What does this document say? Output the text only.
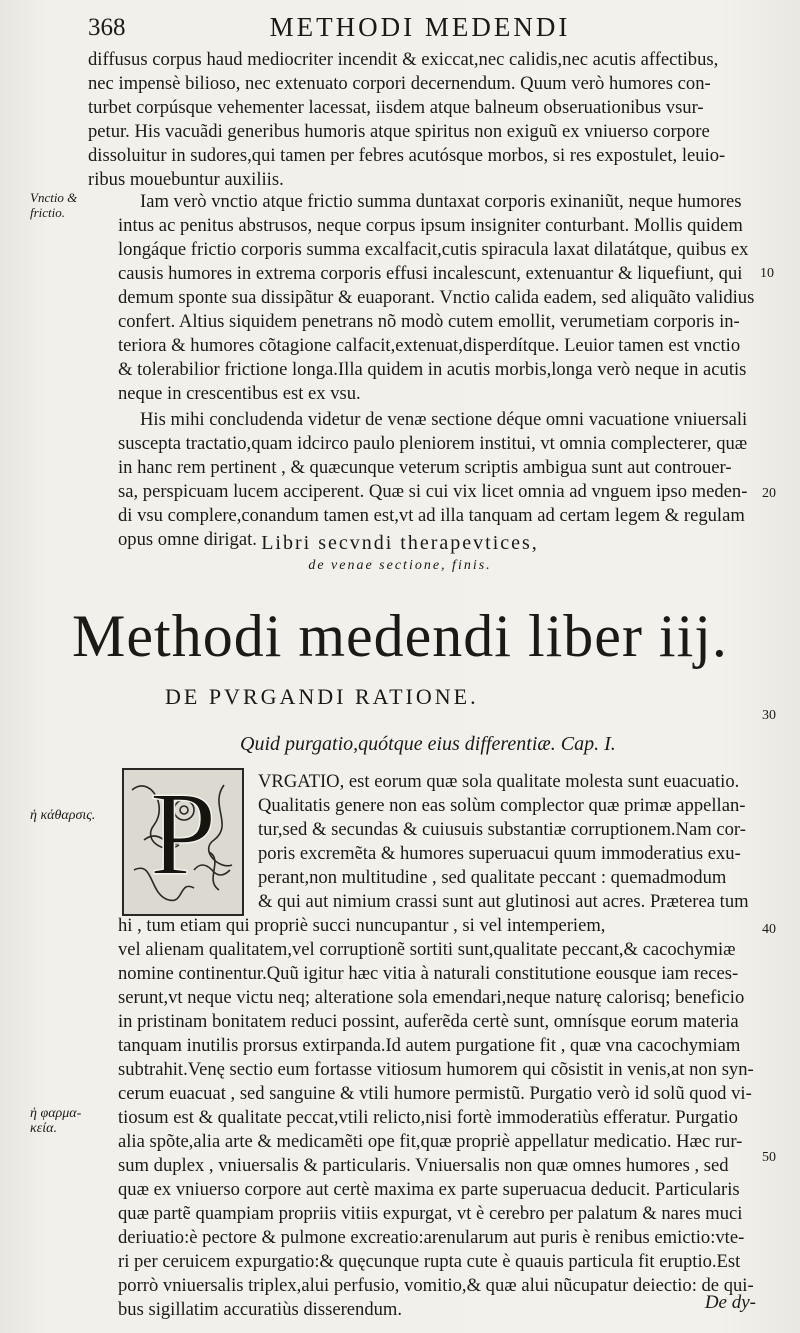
368	METHODI MEDENDI
diffusus corpus haud mediocriter incendit & exiccat,nec calidis,nec acutis affectibus,
nec impensè bilioso, nec extenuato corpori decernendum. Quum verò humores con-
turbet corpúsque vehementer lacessat, iisdem atque balneum obseruationibus vsur-
petur. His vacuãdi generibus humoris atque spiritus non exiguũ ex vniuerso corpore
dissoluitur in sudores,qui tamen per febres acutósque morbos, si res expostulet, leuio-
ribus mouebuntur auxiliis.
Vnctio &
frictio.
Iam verò vnctio atque frictio summa duntaxat corporis exinaniũt, neque humores
intus ac penitus abstrusos, neque corpus ipsum insigniter conturbant. Mollis quidem
longáque frictio corporis summa excalfacit,cutis spiracula laxat dilatátque, quibus ex
causis humores in extrema corporis effusi incalescunt, extenuantur & liquefiunt, qui
demum sponte sua dissipãtur & euaporant. Vnctio calida eadem, sed aliquãto validius
confert. Altius siquidem penetrans nõ modò cutem emollit, verumetiam corporis in-
teriora & humores cõtagione calfacit,extenuat,disperdítque. Leuior tamen est vnctio
& tolerabilior frictione longa.Illa quidem in acutis morbis,longa verò neque in acutis
neque in crescentibus est ex vsu.
10
His mihi concludenda videtur de venæ sectione déque omni vacuatione vniuersali
suscepta tractatio,quam idcirco paulo pleniorem institui, vt omnia complecterer, quæ
in hanc rem pertinent , & quæcunque veterum scriptis ambigua sunt aut controuer-
sa, perspicuam lucem acciperent. Quæ si cui vix licet omnia ad vnguem ipso meden-
di vsu complere,conandum tamen est,vt ad illa tanquam ad certam legem & regulam
opus omne dirigat.
20
Libri secvndi therapevtices,
de venae sectione, finis.
Methodi medendi liber iij.
DE PVRGANDI RATIONE.
30
Quid purgatio,quótque eius differentiæ. Cap. I.
ἡ κάθαρσις. P VRGATIO, est eorum quæ sola qualitate molesta sunt euacuatio.
Qualitatis genere non eas solùm complector quæ primæ appellan-
tur,sed & secundas & cuiusuis substantiæ corruptionem.Nam cor-
poris excremẽta & humores superuacui quum immoderatius exu-
perant,non multitudine , sed qualitate peccant : quemadmodum
& qui aut nimium crassi sunt aut glutinosi aut acres. Præterea tum
hi , tum etiam qui propriè succi nuncupantur , si vel intemperiem,
vel alienam qualitatem,vel corruptionẽ sortiti sunt,qualitate peccant,& cacochymiæ
nomine continentur.Quũ igitur hæc vitia à naturali constitutione eousque iam reces-
serunt,vt neque victu neq; alteratione sola emendari,neque naturę calorisq; beneficio
in pristinam bonitatem reduci possint, auferẽda certè sunt, omnísque eorum materia
tanquam inutilis prorsus extirpanda.Id autem purgatione fit , quæ vna cacochymiam
subtrahit.Venę sectio eum fortasse vitiosum humorem qui cõsistit in venis,at non syn-
cerum euacuat , sed sanguine & vtili humore permistũ. Purgatio verò id solũ quod vi-
tiosum est & qualitate peccat,vtili relicto,nisi fortè immoderatiùs efferatur. Purgatio
alia spõte,alia arte & medicamẽti ope fit,quæ propriè appellatur medicatio. Hæc rur-
sum duplex , vniuersalis & particularis. Vniuersalis non quæ omnes humores , sed
quæ ex vniuerso corpore aut certè maxima ex parte superuacua deducit. Particularis
quæ partẽ quampiam propriis vitiis expurgat, vt è cerebro per palatum & nares muci
deriuatio:è pectore & pulmone excreatio:arenularum aut puris è renibus emictio:vte-
ri per ceruicem expurgatio:& quęcunque rupta cute è quauis particula fit eruptio.Est
porrò vniuersalis triplex,alui perfusio, vomitio,& quæ alui nũcupatur deiectio: de qui-
bus sigillatim accuratiùs disserendum.
40
50
ἡ φαρμα-
κεία.
De dy-
